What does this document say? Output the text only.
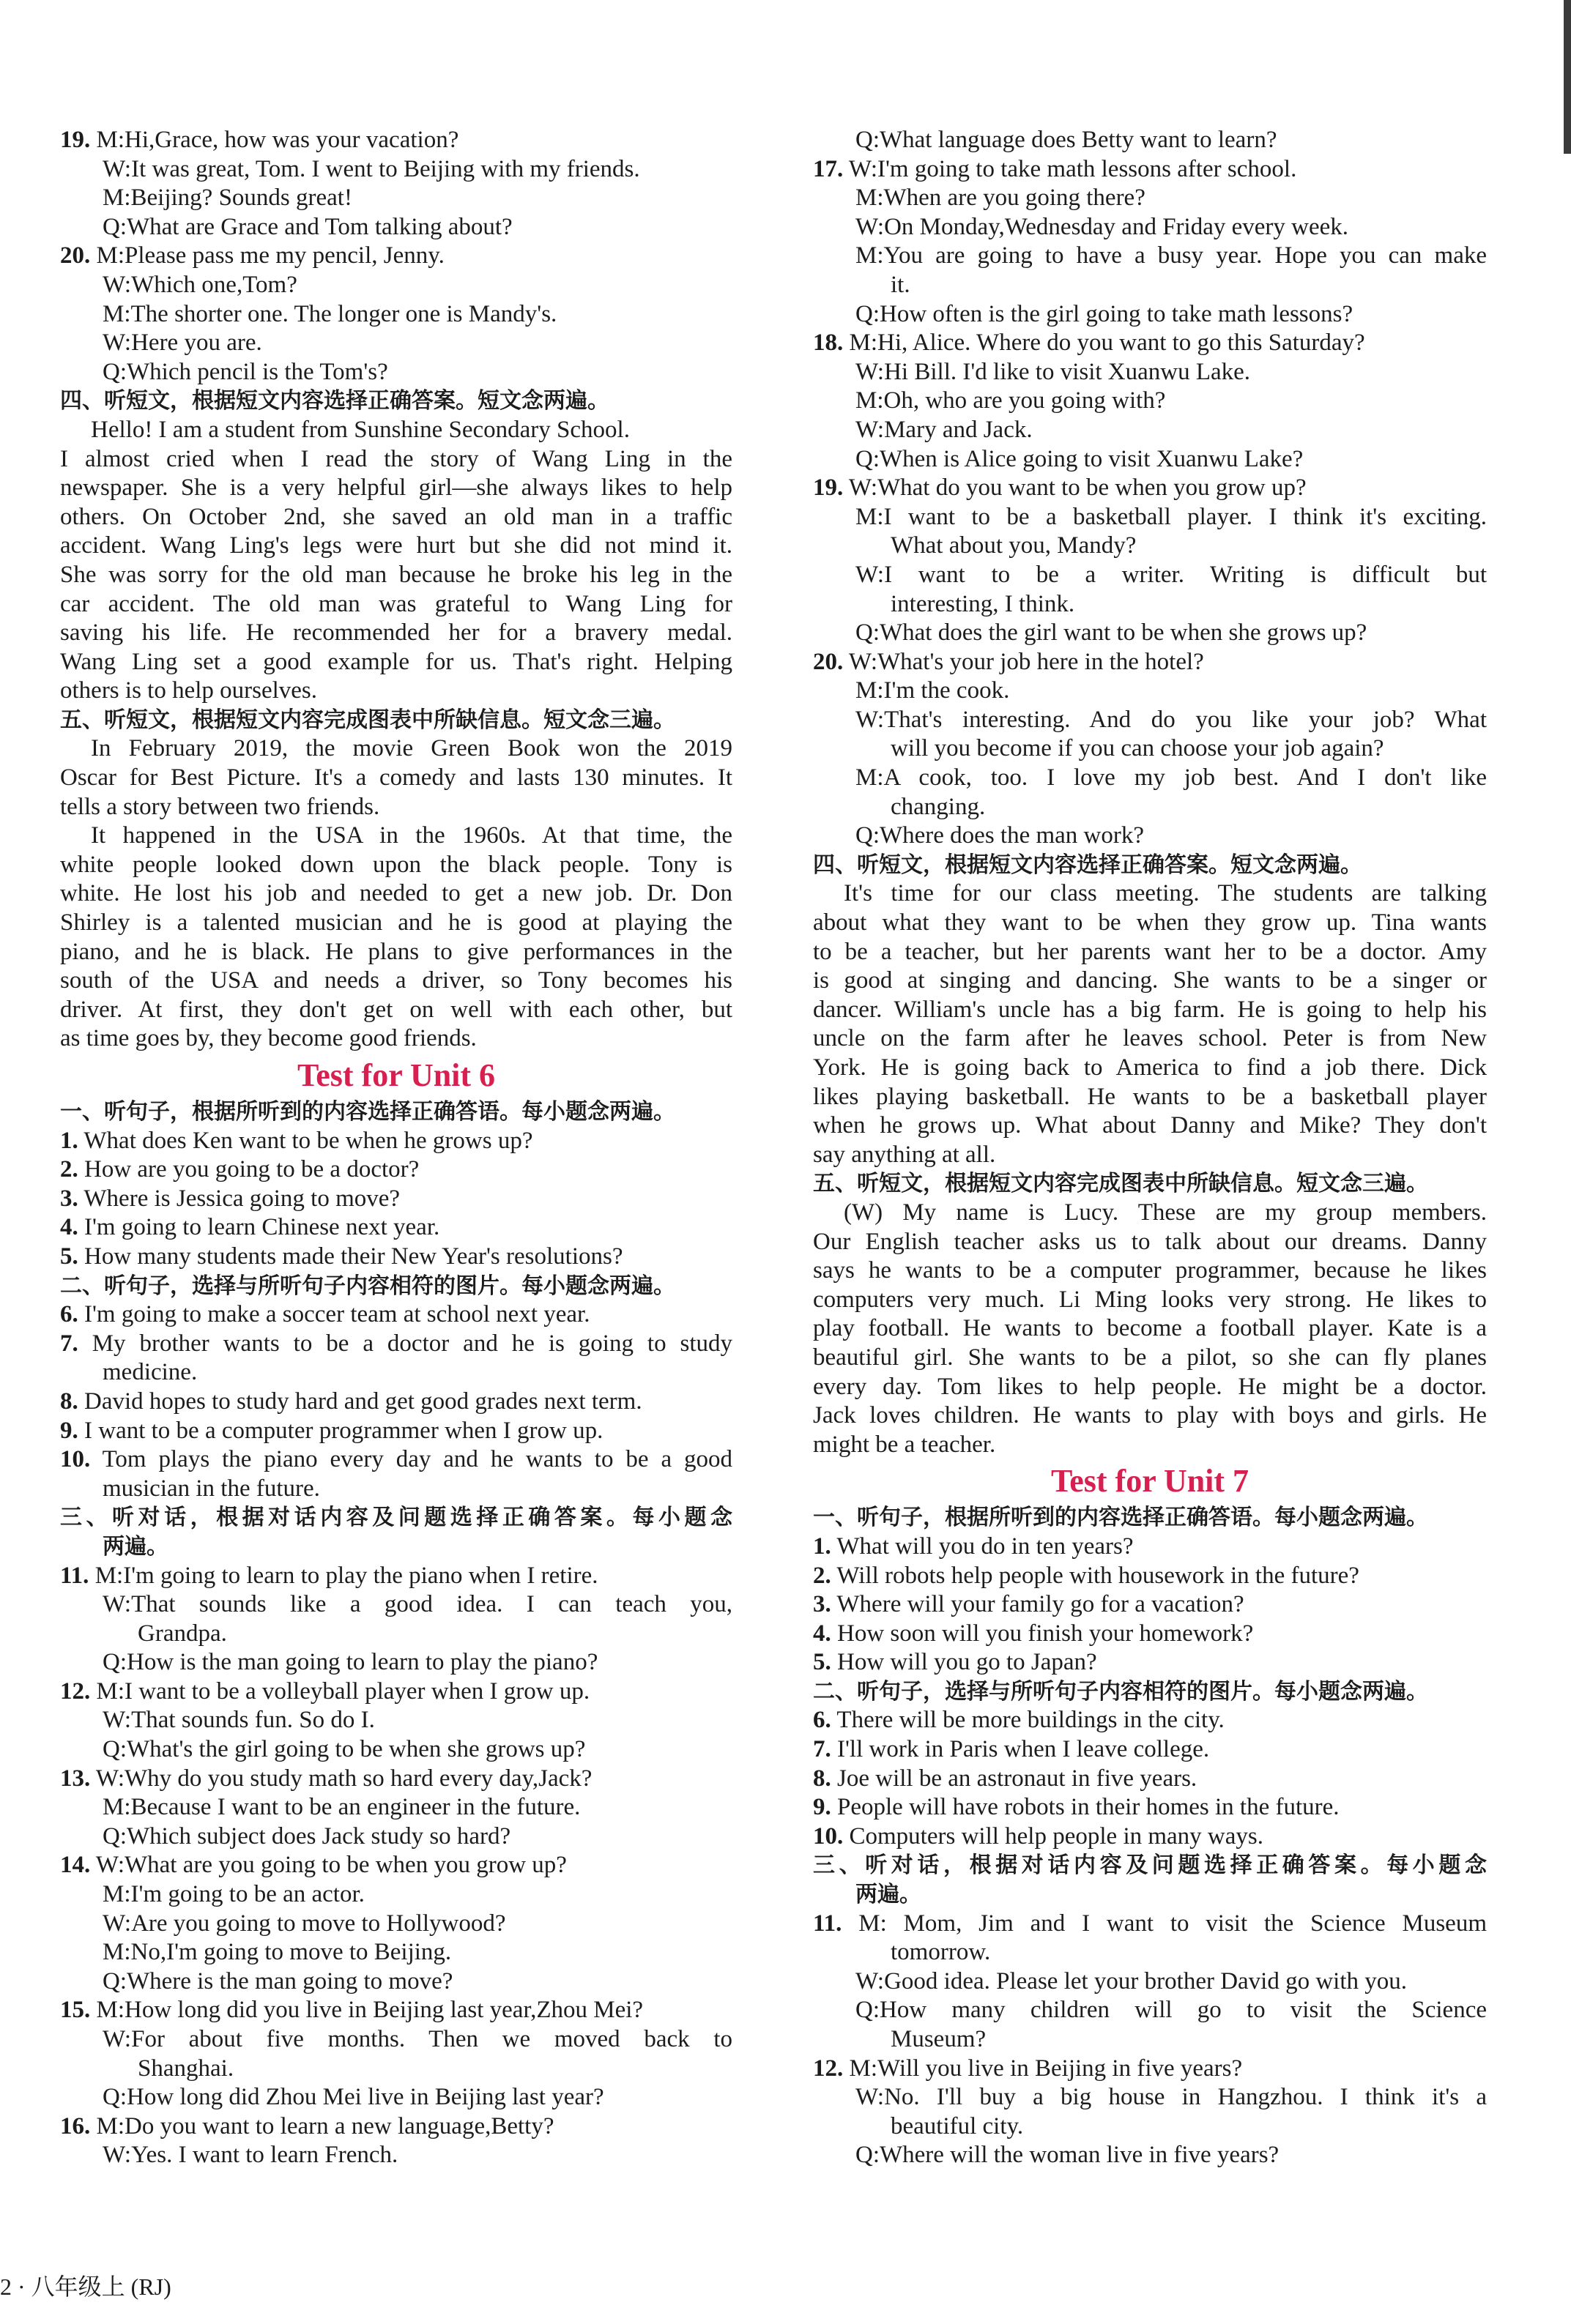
19. M:Hi,Grace, how was your vacation?
W:It was great, Tom. I went to Beijing with my friends.
M:Beijing? Sounds great!
Q:What are Grace and Tom talking about?
20. M:Please pass me my pencil, Jenny.
W:Which one,Tom?
M:The shorter one. The longer one is Mandy's.
W:Here you are.
Q:Which pencil is the Tom's?
四、听短文，根据短文内容选择正确答案。短文念两遍。
Hello! I am a student from Sunshine Secondary School.
I almost cried when I read the story of Wang Ling in the
newspaper. She is a very helpful girl—she always likes to help
others. On October 2nd, she saved an old man in a traffic
accident. Wang Ling's legs were hurt but she did not mind it.
She was sorry for the old man because he broke his leg in the
car accident. The old man was grateful to Wang Ling for
saving his life. He recommended her for a bravery medal.
Wang Ling set a good example for us. That's right. Helping
others is to help ourselves.
五、听短文，根据短文内容完成图表中所缺信息。短文念三遍。
In February 2019, the movie Green Book won the 2019
Oscar for Best Picture. It's a comedy and lasts 130 minutes. It
tells a story between two friends.
It happened in the USA in the 1960s. At that time, the
white people looked down upon the black people. Tony is
white. He lost his job and needed to get a new job. Dr. Don
Shirley is a talented musician and he is good at playing the
piano, and he is black. He plans to give performances in the
south of the USA and needs a driver, so Tony becomes his
driver. At first, they don't get on well with each other, but
as time goes by, they become good friends.
Test for Unit 6
一、听句子，根据所听到的内容选择正确答语。每小题念两遍。
1. What does Ken want to be when he grows up?
2. How are you going to be a doctor?
3. Where is Jessica going to move?
4. I'm going to learn Chinese next year.
5. How many students made their New Year's resolutions?
二、听句子，选择与所听句子内容相符的图片。每小题念两遍。
6. I'm going to make a soccer team at school next year.
7. My brother wants to be a doctor and he is going to study
medicine.
8. David hopes to study hard and get good grades next term.
9. I want to be a computer programmer when I grow up.
10. Tom plays the piano every day and he wants to be a good
musician in the future.
三、听对话，根据对话内容及问题选择正确答案。每小题念
两遍。
11. M:I'm going to learn to play the piano when I retire.
W:That sounds like a good idea. I can teach you,
Grandpa.
Q:How is the man going to learn to play the piano?
12. M:I want to be a volleyball player when I grow up.
W:That sounds fun. So do I.
Q:What's the girl going to be when she grows up?
13. W:Why do you study math so hard every day,Jack?
M:Because I want to be an engineer in the future.
Q:Which subject does Jack study so hard?
14. W:What are you going to be when you grow up?
M:I'm going to be an actor.
W:Are you going to move to Hollywood?
M:No,I'm going to move to Beijing.
Q:Where is the man going to move?
15. M:How long did you live in Beijing last year,Zhou Mei?
W:For about five months. Then we moved back to
Shanghai.
Q:How long did Zhou Mei live in Beijing last year?
16. M:Do you want to learn a new language,Betty?
W:Yes. I want to learn French.
Q:What language does Betty want to learn?
17. W:I'm going to take math lessons after school.
M:When are you going there?
W:On Monday,Wednesday and Friday every week.
M:You are going to have a busy year. Hope you can make
it.
Q:How often is the girl going to take math lessons?
18. M:Hi, Alice. Where do you want to go this Saturday?
W:Hi Bill. I'd like to visit Xuanwu Lake.
M:Oh, who are you going with?
W:Mary and Jack.
Q:When is Alice going to visit Xuanwu Lake?
19. W:What do you want to be when you grow up?
M:I want to be a basketball player. I think it's exciting.
What about you, Mandy?
W:I want to be a writer. Writing is difficult but
interesting, I think.
Q:What does the girl want to be when she grows up?
20. W:What's your job here in the hotel?
M:I'm the cook.
W:That's interesting. And do you like your job? What
will you become if you can choose your job again?
M:A cook, too. I love my job best. And I don't like
changing.
Q:Where does the man work?
四、听短文，根据短文内容选择正确答案。短文念两遍。
It's time for our class meeting. The students are talking
about what they want to be when they grow up. Tina wants
to be a teacher, but her parents want her to be a doctor. Amy
is good at singing and dancing. She wants to be a singer or
dancer. William's uncle has a big farm. He is going to help his
uncle on the farm after he leaves school. Peter is from New
York. He is going back to America to find a job there. Dick
likes playing basketball. He wants to be a basketball player
when he grows up. What about Danny and Mike? They don't
say anything at all.
五、听短文，根据短文内容完成图表中所缺信息。短文念三遍。
(W) My name is Lucy. These are my group members.
Our English teacher asks us to talk about our dreams. Danny
says he wants to be a computer programmer, because he likes
computers very much. Li Ming looks very strong. He likes to
play football. He wants to become a football player. Kate is a
beautiful girl. She wants to be a pilot, so she can fly planes
every day. Tom likes to help people. He might be a doctor.
Jack loves children. He wants to play with boys and girls. He
might be a teacher.
Test for Unit 7
一、听句子，根据所听到的内容选择正确答语。每小题念两遍。
1. What will you do in ten years?
2. Will robots help people with housework in the future?
3. Where will your family go for a vacation?
4. How soon will you finish your homework?
5. How will you go to Japan?
二、听句子，选择与所听句子内容相符的图片。每小题念两遍。
6. There will be more buildings in the city.
7. I'll work in Paris when I leave college.
8. Joe will be an astronaut in five years.
9. People will have robots in their homes in the future.
10. Computers will help people in many ways.
三、听对话，根据对话内容及问题选择正确答案。每小题念
两遍。
11. M: Mom, Jim and I want to visit the Science Museum
tomorrow.
W:Good idea. Please let your brother David go with you.
Q:How many children will go to visit the Science
Museum?
12. M:Will you live in Beijing in five years?
W:No. I'll buy a big house in Hangzhou. I think it's a
beautiful city.
Q:Where will the woman live in five years?
2 · 八年级上 (RJ)
